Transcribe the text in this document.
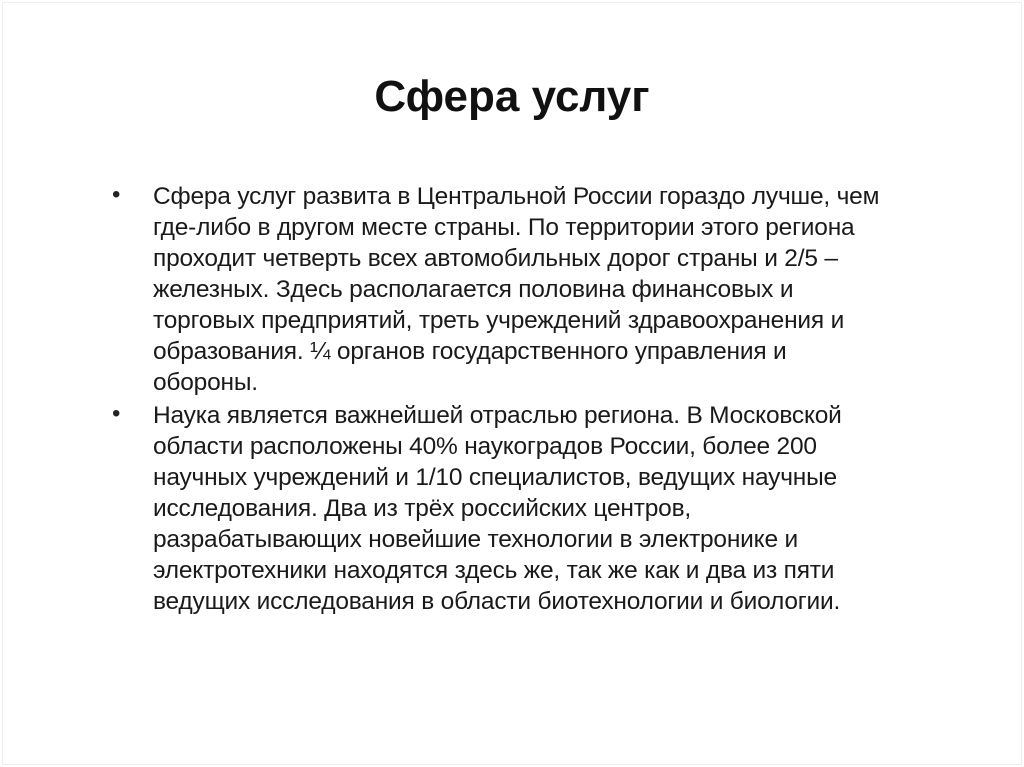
Сфера услуг
• Сфера услуг развита в Центральной России гораздо лучше, чем
где-либо в другом месте страны. По территории этого региона
проходит четверть всех автомобильных дорог страны и 2/5 –
железных. Здесь располагается половина финансовых и
торговых предприятий, треть учреждений здравоохранения и
образования. ¼ органов государственного управления и
обороны.
• Наука является важнейшей отраслью региона. В Московской
области расположены 40% наукоградов России, более 200
научных учреждений и 1/10 специалистов, ведущих научные
исследования. Два из трёх российских центров,
разрабатывающих новейшие технологии в электронике и
электротехники находятся здесь же, так же как и два из пяти
ведущих исследования в области биотехнологии и биологии.
